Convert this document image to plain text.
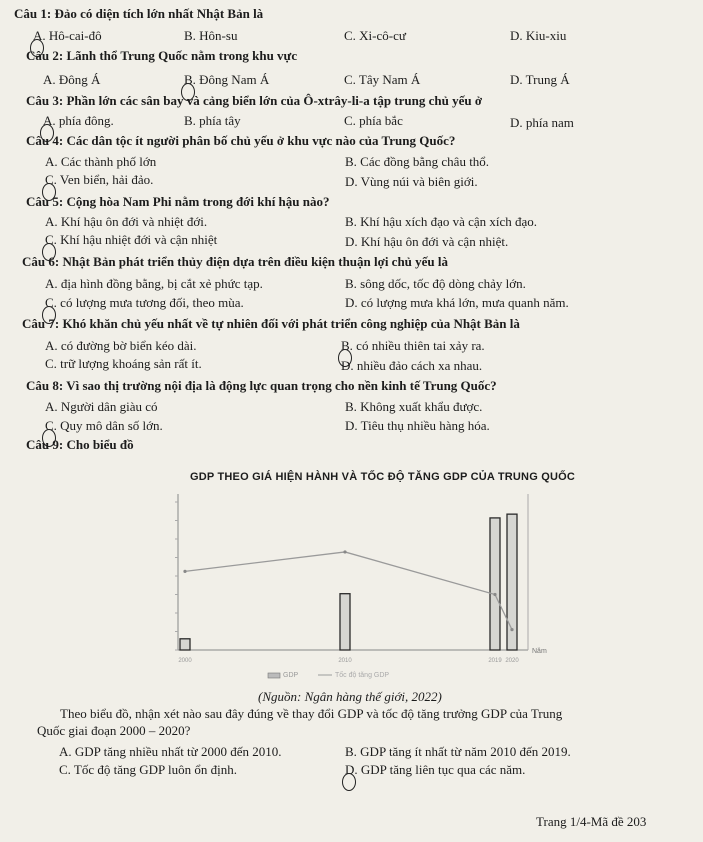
Câu 1: Đảo có diện tích lớn nhất Nhật Bản là
A. Hô-cai-đô	B. Hôn-su	C. Xi-cô-cư	D. Kiu-xiu
Câu 2: Lãnh thổ Trung Quốc nằm trong khu vực
A. Đông Á	B. Đông Nam Á	C. Tây Nam Á	D. Trung Á
Câu 3: Phần lớn các sân bay và cảng biển lớn của Ô-xtrây-li-a tập trung chủ yếu ở
A. phía đông.	B. phía tây	C. phía bắc	D. phía nam
Câu 4: Các dân tộc ít người phân bố chủ yếu ở khu vực nào của Trung Quốc?
A. Các thành phố lớn	B. Các đồng bằng châu thổ.
C. Ven biển, hải đảo.	D. Vùng núi và biên giới.
Câu 5: Cộng hòa Nam Phi nằm trong đới khí hậu nào?
A. Khí hậu ôn đới và nhiệt đới.	B. Khí hậu xích đạo và cận xích đạo.
C. Khí hậu nhiệt đới và cận nhiệt	D. Khí hậu ôn đới và cận nhiệt.
Câu 6: Nhật Bản phát triển thủy điện dựa trên điều kiện thuận lợi chủ yếu là
A. địa hình đồng bằng, bị cắt xẻ phức tạp.	B. sông dốc, tốc độ dòng chảy lớn.
C. có lượng mưa tương đối, theo mùa.	D. có lượng mưa khá lớn, mưa quanh năm.
Câu 7: Khó khăn chủ yếu nhất về tự nhiên đối với phát triển công nghiệp của Nhật Bản là
A. có đường bờ biển kéo dài.	B. có nhiều thiên tai xảy ra.
C. trữ lượng khoáng sản rất ít.	D. nhiều đảo cách xa nhau.
Câu 8: Vì sao thị trường nội địa là động lực quan trọng cho nền kinh tế Trung Quốc?
A. Người dân giàu có	B. Không xuất khẩu được.
C. Quy mô dân số lớn.	D. Tiêu thụ nhiều hàng hóa.
Câu 9: Cho biểu đồ
GDP THEO GIÁ HIỆN HÀNH VÀ TỐC ĐỘ TĂNG GDP CỦA TRUNG QUỐC
2000	2010	2019 2020
Năm
GDP	Tốc độ tăng GDP
(Nguồn: Ngân hàng thế giới, 2022)
Theo biểu đồ, nhận xét nào sau đây đúng về thay đổi GDP và tốc độ tăng trưởng GDP của Trung
Quốc giai đoạn 2000 – 2020?
A. GDP tăng nhiều nhất từ 2000 đến 2010.	B. GDP tăng ít nhất từ năm 2010 đến 2019.
C. Tốc độ tăng GDP luôn ổn định.	D. GDP tăng liên tục qua các năm.
Trang 1/4-Mã đề 203
